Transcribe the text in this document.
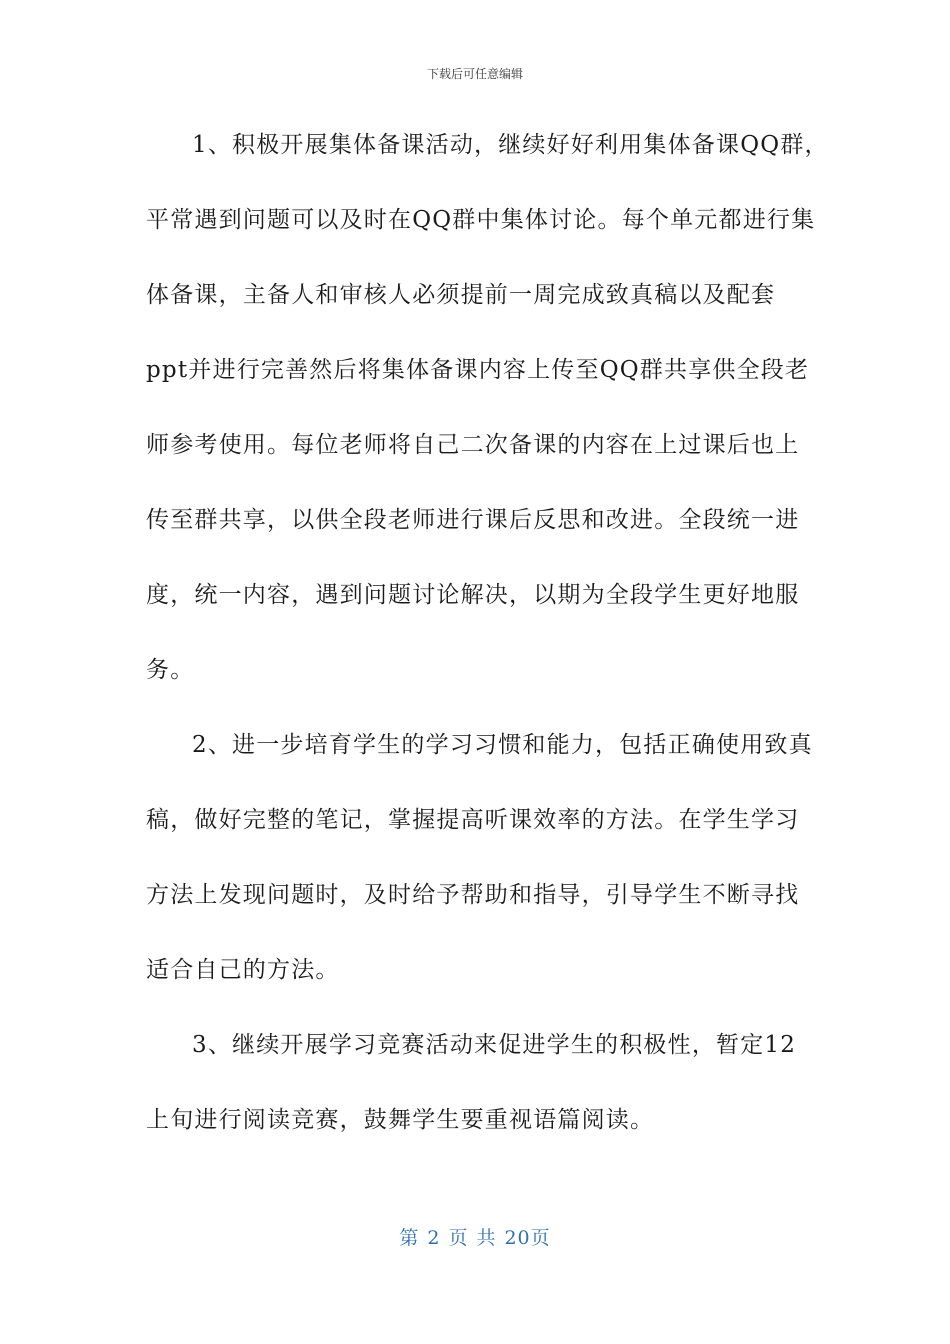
下载后可任意编辑
1、积极开展集体备课活动，继续好好利用集体备课QQ群，
平常遇到问题可以及时在QQ群中集体讨论。每个单元都进行集
体备课，主备人和审核人必须提前一周完成致真稿以及配套
ppt并进行完善然后将集体备课内容上传至QQ群共享供全段老
师参考使用。每位老师将自己二次备课的内容在上过课后也上
传至群共享，以供全段老师进行课后反思和改进。全段统一进
度，统一内容，遇到问题讨论解决，以期为全段学生更好地服
务。
2、进一步培育学生的学习习惯和能力，包括正确使用致真
稿，做好完整的笔记，掌握提高听课效率的方法。在学生学习
方法上发现问题时，及时给予帮助和指导，引导学生不断寻找
适合自己的方法。
3、继续开展学习竞赛活动来促进学生的积极性，暂定12
上旬进行阅读竞赛，鼓舞学生要重视语篇阅读。
第 2 页 共 20页
